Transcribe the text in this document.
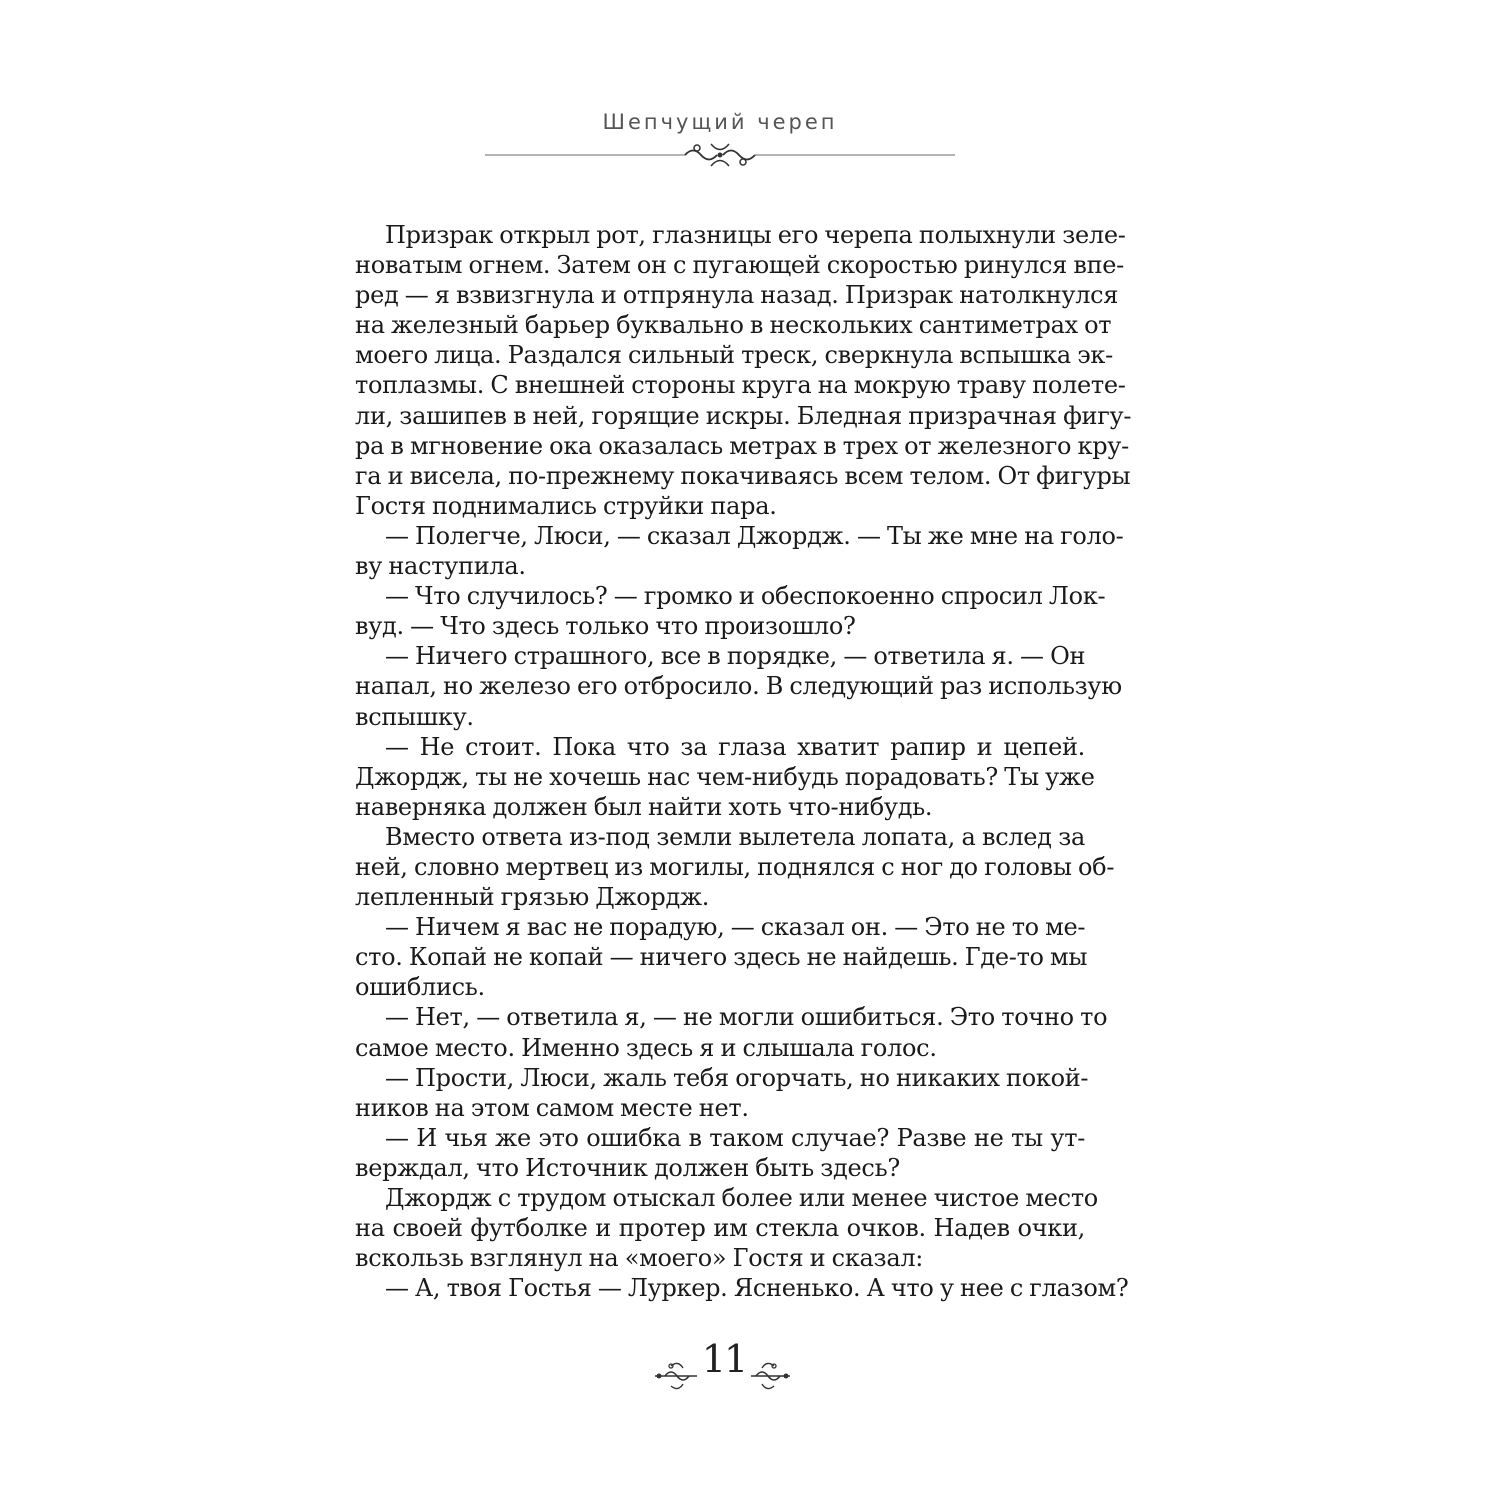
Шепчущий череп
Призрак открыл рот, глазницы его черепа полыхнули зеле-
новатым огнем. Затем он с пугающей скоростью ринулся впе-
ред — я взвизгнула и отпрянула назад. Призрак натолкнулся
на железный барьер буквально в нескольких сантиметрах от
моего лица. Раздался сильный треск, сверкнула вспышка эк-
топлазмы. С внешней стороны круга на мокрую траву полете-
ли, зашипев в ней, горящие искры. Бледная призрачная фигу-
ра в мгновение ока оказалась метрах в трех от железного кру-
га и висела, по-прежнему покачиваясь всем телом. От фигуры
Гостя поднимались струйки пара.
— Полегче, Люси, — сказал Джордж. — Ты же мне на голо-
ву наступила.
— Что случилось? — громко и обеспокоенно спросил Лок-
вуд. — Что здесь только что произошло?
— Ничего страшного, все в порядке, — ответила я. — Он
напал, но железо его отбросило. В следующий раз использую
вспышку.
— Не стоит. Пока что за глаза хватит рапир и цепей.
Джордж, ты не хочешь нас чем-нибудь порадовать? Ты уже
наверняка должен был найти хоть что-нибудь.
Вместо ответа из-под земли вылетела лопата, а вслед за
ней, словно мертвец из могилы, поднялся с ног до головы об-
лепленный грязью Джордж.
— Ничем я вас не порадую, — сказал он. — Это не то ме-
сто. Копай не копай — ничего здесь не найдешь. Где-то мы
ошиблись.
— Нет, — ответила я, — не могли ошибиться. Это точно то
самое место. Именно здесь я и слышала голос.
— Прости, Люси, жаль тебя огорчать, но никаких покой-
ников на этом самом месте нет.
— И чья же это ошибка в таком случае? Разве не ты ут-
верждал, что Источник должен быть здесь?
Джордж с трудом отыскал более или менее чистое место
на своей футболке и протер им стекла очков. Надев очки,
вскользь взглянул на «моего» Гостя и сказал:
— А, твоя Гостья — Луркер. Ясненько. А что у нее с глазом?
11
